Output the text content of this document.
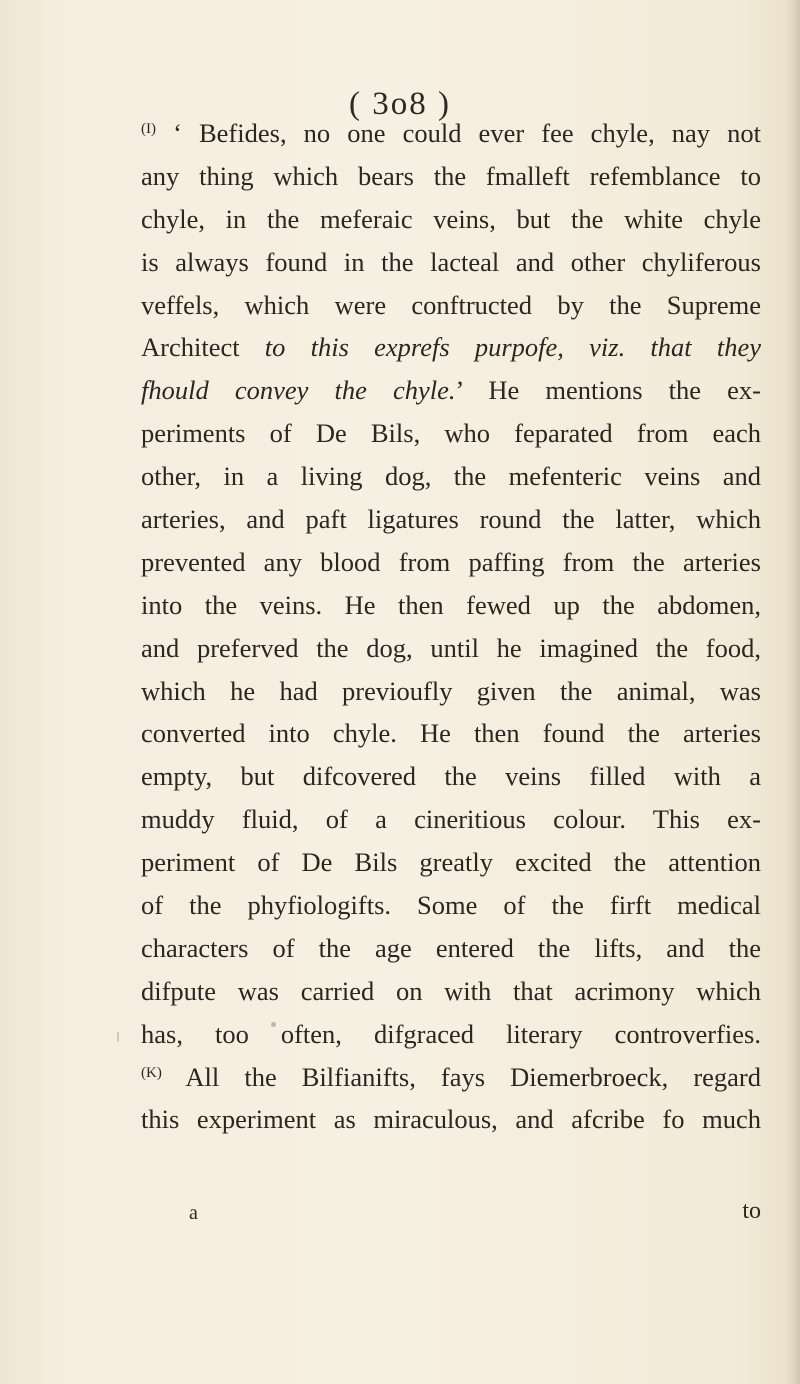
( 3o8 )
$^{(I)}$ ‘ Befides, no one could ever fee chyle, nay not
any thing which bears the fmalleft refemblance to
chyle, in the meferaic veins, but the white chyle
is always found in the lacteal and other chyliferous
veffels, which were conftructed by the Supreme
Architect to this exprefs purpofe, viz. that they
fhould convey the chyle.’ He mentions the ex-
periments of De Bils, who feparated from each
other, in a living dog, the mefenteric veins and
arteries, and paft ligatures round the latter, which
prevented any blood from paffing from the arteries
into the veins. He then fewed up the abdomen,
and preferved the dog, until he imagined the food,
which he had previoufly given the animal, was
converted into chyle. He then found the arteries
empty, but difcovered the veins filled with a
muddy fluid, of a cineritious colour. This ex-
periment of De Bils greatly excited the attention
of the phyfiologifts. Some of the firft medical
characters of the age entered the lifts, and the
difpute was carried on with that acrimony which
has, too often, difgraced literary controverfies.
$^{(K)}$ All the Bilfianifts, fays Diemerbroeck, regard
this experiment as miraculous, and afcribe fo much
a	to
